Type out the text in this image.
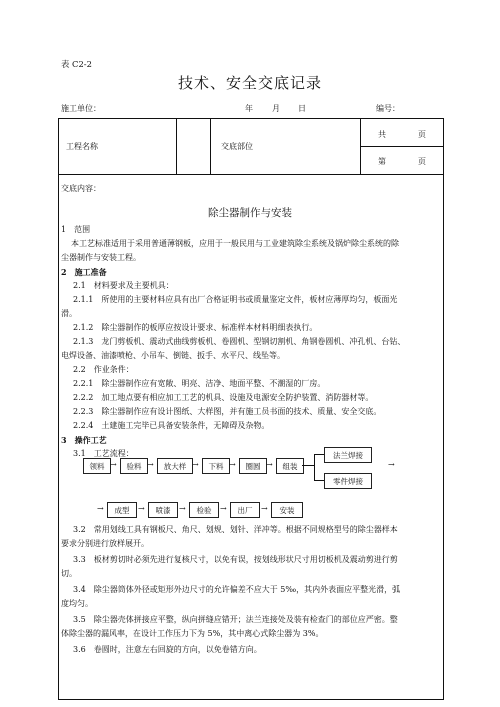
表 C2-2
技术、安全交底记录
施工单位：	年 月 日	编号：
工程名称	交底部位
共	页
第	页
交底内容：
除尘器制作与安装
1　范围
本工艺标准适用于采用普通薄钢板，应用于一般民用与工业建筑除尘系统及锅炉除尘系统的除
尘器制作与安装工程。
2　施工准备
2.1　材料要求及主要机具：
2.1.1　所使用的主要材料应具有出厂合格证明书或质量鉴定文件，板材应薄厚均匀，板面光
滑。
2.1.2　除尘器制作的板厚应按设计要求、标准样本材料明细表执行。
2.1.3　龙门剪板机、震动式曲线剪板机、卷圆机、型钢切割机、角钢卷圆机、冲孔机、台钻、
电焊设备、油漆喷枪、小吊车、倒链、扳手、水平尺、线坠等。
2.2　作业条件：
2.2.1　除尘器制作应有宽敞、明亮、洁净、地面平整、不潮湿的厂房。
2.2.2　加工地点要有相应加工工艺的机具、设施及电源安全防护装置、消防器材等。
2.2.3　除尘器制作应有设计图纸、大样图，并有施工员书面的技术、质量、安全交底。
2.2.4　土建施工完毕已具备安装条件，无障碍及杂物。
3　操作工艺
3.1　工艺流程：
领料 →	验料 →	放大样 →	下料 →	圈圆 →	组装
法兰焊接
零件焊接
→
→	成型	→	喷漆	→	检验	→	出厂	→	安装
3.2　常用划线工具有钢板尺、角尺、划规、划针、洋冲等。根据不同规格型号的除尘器样本
要求分别进行放样展开。
3.3　板材剪切时必须先进行复核尺寸，以免有误，按划线形状尺寸用切板机及震动剪进行剪
切。
3.4　除尘器筒体外径或矩形外边尺寸的允许偏差不应大于 5‰，其内外表面应平整光滑，弧
度均匀。
3.5　除尘器壳体拼接应平整，纵向拼缝应错开；法兰连接处及装有检查门的部位应严密。整
体除尘器的漏风率，在设计工作压力下为 5%，其中离心式除尘器为 3%。
3.6　卷圆时，注意左右回旋的方向，以免卷错方向。
